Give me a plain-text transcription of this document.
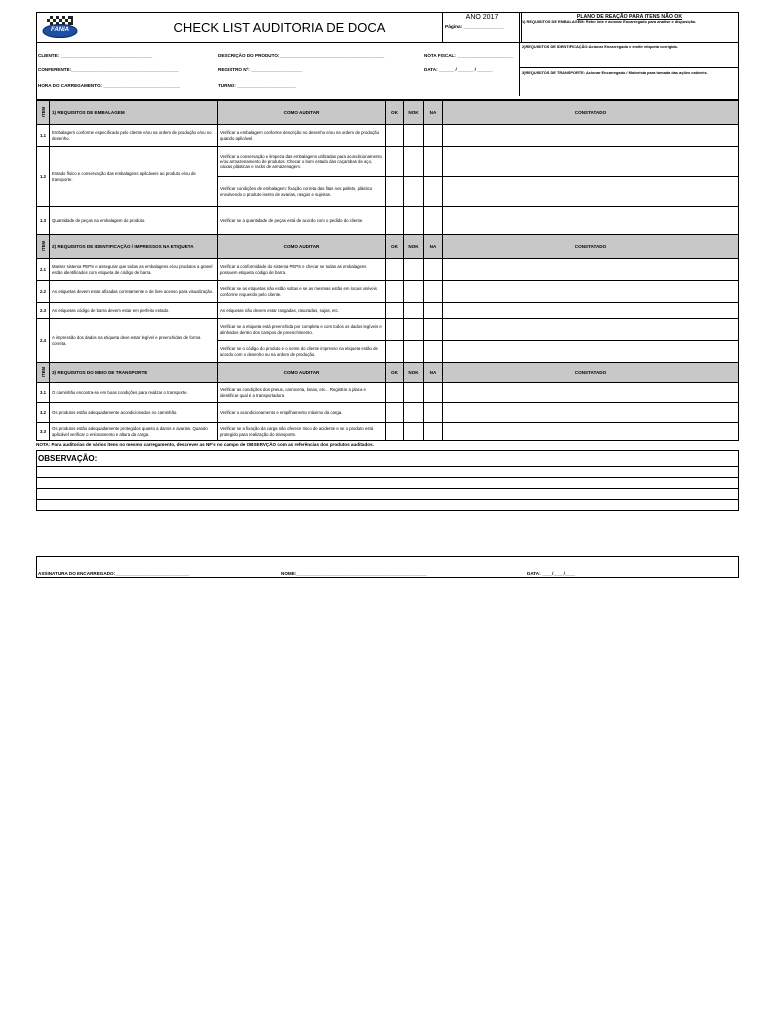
FANIA	CHECK LIST AUDITORIA DE DOCA
ANO 2017
Página: _______________
CLIENTE: ____________________________________	DESCRIÇÃO DO PRODUTO:_________________________________________	NOTA FISCAL: ______________________
CONFERENTE:__________________________________________	REGISTRO Nº: ____________________	DATA: ______ / ______ / ______
HORA DO CARREGAMENTO: ______________________________	TURNO: _______________________
PLANO DE REAÇÃO PARA ITENS NÃO OK
1) REQUISITOS DE EMBALAGEM: Reter lote e acionar Encarregado para análise e disposição.
2)REQUISITOS DE IDENTIFICAÇÃO:Acionar Encarregado e emitir etiqueta corrigida.
3)REQUISITOS DE TRANSPORTE: Acionar Encarregado / Motorista para tomada das ações cabíveis.
ITEM	1) REQUISITOS DE EMBALAGEM	COMO AUDITAR	OK	NOK	NA	CONSTATADO
1.1	Embalagem conforme especificado pelo cliente e/ou na ordem de produção e/ou no desenho.	Verificar a embalagem conforme descrição no desenho e/ou na ordem de produção quando aplicável.				
1.2	Estado físico e conservação das embalagens aplicáveis ao produto e/ou de transporte.	Verificar a conservação e limpeza das embalagens utilizadas para acondicionamento e/ou armazenamento de produtos. Checar o bom estado das caçambas de aço, caixas plásticas e racks de armazenagem.				
		Verificar condições de embalagem: fixação correta das fitas nos pallets, plástico envolvendo o produto isento de avarias, rasgos e sujeiras.				
1.3	Quantidade de peças na embalagem do produto.	Verificar se a quantidade de peças está de acordo com o pedido do cliente.				
ITEM	2) REQUISITOS DE IDENTIFICAÇÃO / IMPRESSOS NA ETIQUETA	COMO AUDITAR	OK	NOK	NA	CONSTATADO
2.1	Manter sistema PEPS e assegurar que todas as embalagens e/ou produtos a granel estão identificados com etiqueta de código de barra.	Verificar a conformidade do sistema PEPS e checar se todas as embalagens possuem etiqueta código de barra.				
2.2	As etiquetas devem estar afixadas corretamente e de livre acesso para visualização.	Verificar se as etiquetas não estão soltas e se as mesmas estão em locais visíveis conforme requerido pelo cliente.				
2.3	As etiquetas código de barra devem estar em perfeito estado.	As etiquetas não devem estar rasgadas, rasuradas, sujas, etc.				
2.4	A impressão dos dados na etiqueta deve estar legível e preenchidas de forma correta.	Verificar se a etiqueta está preenchida por completa e com todos os dados legíveis e alinhados dentro dos campos de preenchimento.				
		Verificar se o código do produto e o nome do cliente impresso na etiqueta estão de acordo com o desenho ou na ordem de produção.				
ITEM	3) REQUISITOS DO MEIO DE TRANSPORTE	COMO AUDITAR	OK	NOK	NA	CONSTATADO
3.1	O caminhão encontra-se em boas condições para realizar o transporte.	Verificar as condições dos pneus, carroceria, lonas, etc... Registrar a placa e identificar qual é a transportadora.				
3.2	Os produtos estão adequadamente acondicionados no caminhão.	Verificar o acondicionamento e empilhamento máximo da carga.				
3.3	Os produtos estão adequadamente protegidos quanto a danos e avarias. Quando aplicável verificar o enlonamento e altura da carga.	Verificar se a fixação da carga não oferece risco de acidente e se o produto está protegido para realização do transporte.				
NOTA: Para auditorias de vários itens no mesmo carregamento, descrever as NF's no campo de OBSERVÇÃO com as referências dos produtos auditados.
OBSERVAÇÃO:
ASSINATURA DO ENCARREGADO:_____________________________	NOME:___________________________________________________	DATA: ____/____/____
